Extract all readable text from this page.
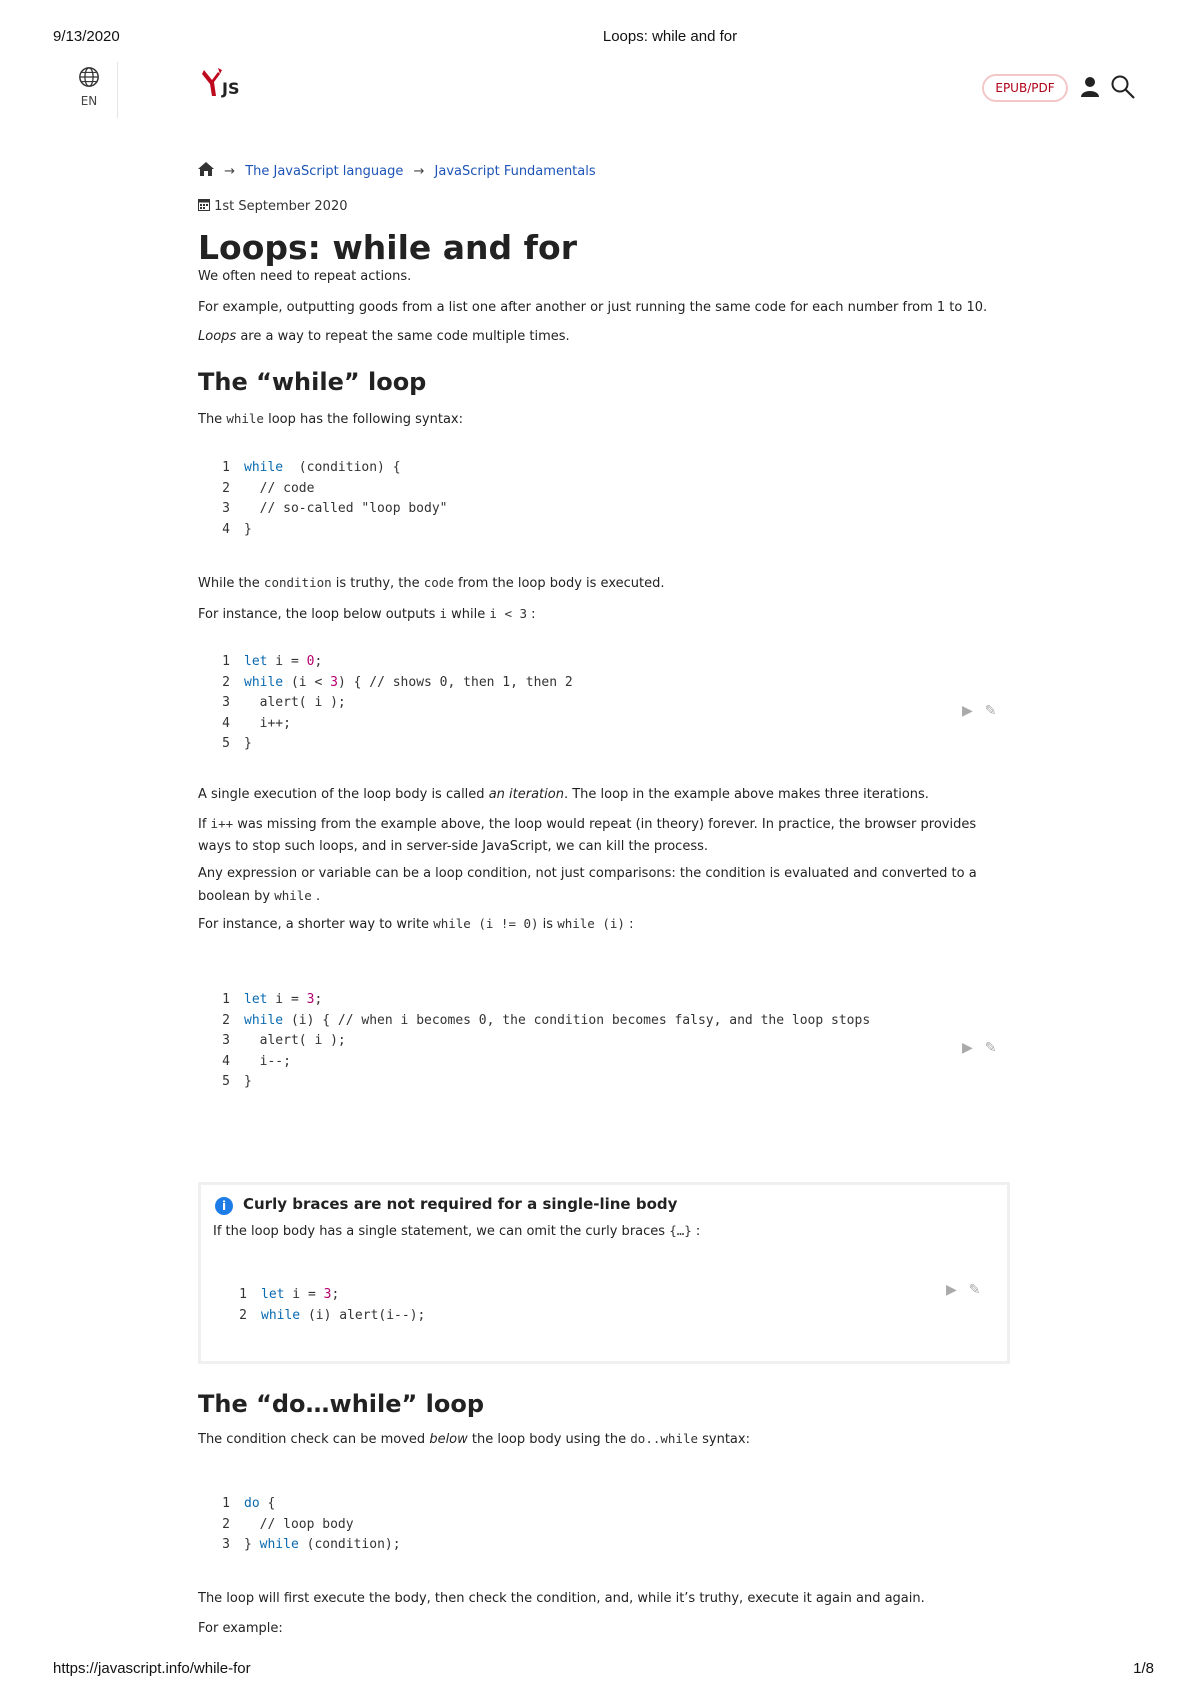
9/13/2020	Loops: while and for
EN
JS	EPUB/PDF
→ The JavaScript language → JavaScript Fundamentals
1st September 2020
Loops: while and for
We often need to repeat actions.
For example, outputting goods from a list one after another or just running the same code for each number from 1 to 10.
Loops are a way to repeat the same code multiple times.
The “while” loop
The while loop has the following syntax:
1 while  (condition) {
2  // code
3  // so-called "loop body"
4 }
While the condition is truthy, the code from the loop body is executed.
For instance, the loop below outputs i while i < 3 :
▶ ✎
1 let i = 0;
2 while (i < 3) { // shows 0, then 1, then 2
3  alert( i );
4  i++;
5 }
A single execution of the loop body is called an iteration. The loop in the example above makes three iterations.
If i++ was missing from the example above, the loop would repeat (in theory) forever. In practice, the browser provides ways to stop such loops, and in server-side JavaScript, we can kill the process.
Any expression or variable can be a loop condition, not just comparisons: the condition is evaluated and converted to a boolean by while .
For instance, a shorter way to write while (i != 0) is while (i) :
▶ ✎
1 let i = 3;
2 while (i) { // when i becomes 0, the condition becomes falsy, and the loop stops
3  alert( i );
4  i--;
5 }
i	Curly braces are not required for a single-line body
If the loop body has a single statement, we can omit the curly braces {…} :
▶ ✎
1 let i = 3;
2 while (i) alert(i--);
The “do…while” loop
The condition check can be moved below the loop body using the do..while syntax:
1 do {
2  // loop body
3 } while (condition);
The loop will first execute the body, then check the condition, and, while it’s truthy, execute it again and again.
For example:
https://javascript.info/while-for	1/8
